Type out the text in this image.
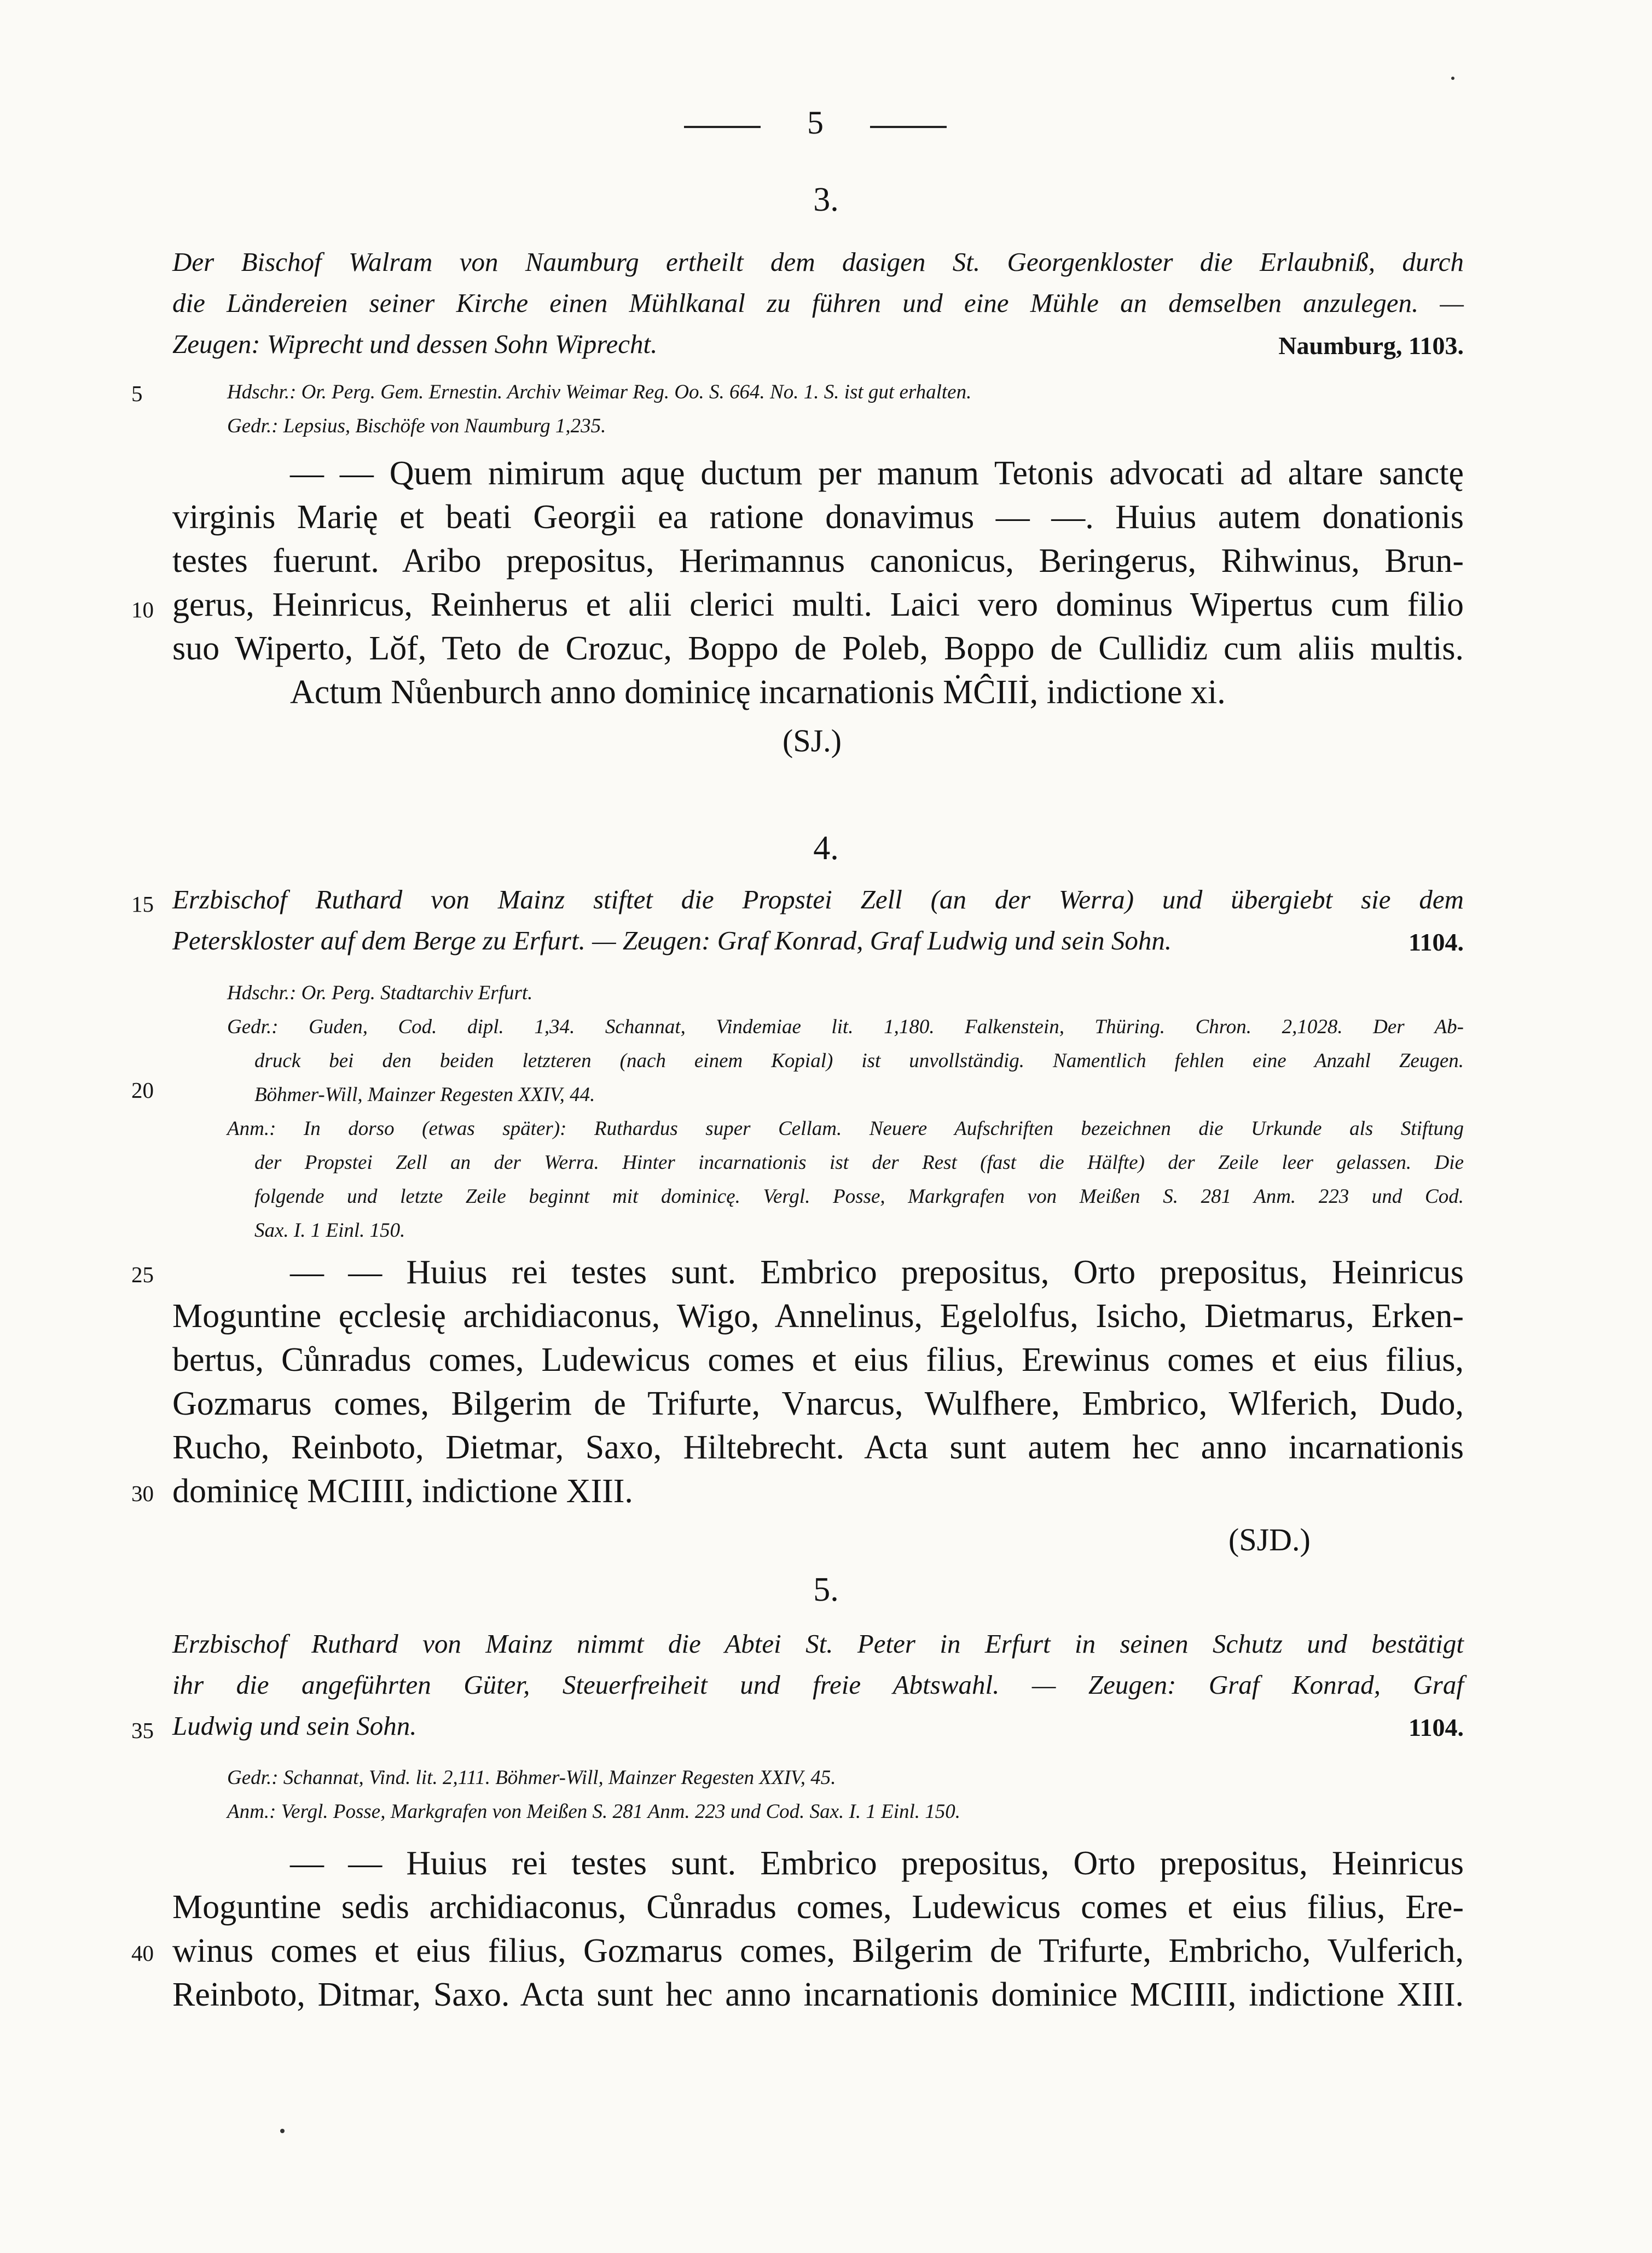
5
3.
Der Bischof Walram von Naumburg ertheilt dem dasigen St. Georgenkloster die Erlaubniß, durch
die Ländereien seiner Kirche einen Mühlkanal zu führen und eine Mühle an demselben anzulegen. —
Zeugen: Wiprecht und dessen Sohn Wiprecht.	Naumburg, 1103.
5	Hdschr.: Or. Perg. Gem. Ernestin. Archiv Weimar Reg. Oo. S. 664. No. 1. S. ist gut erhalten.
Gedr.: Lepsius, Bischöfe von Naumburg 1,235.
— — Quem nimirum aquę ductum per manum Tetonis advocati ad altare sanctę
virginis Marię et beati Georgii ea ratione donavimus — —. Huius autem donationis
testes fuerunt. Aribo prepositus, Herimannus canonicus, Beringerus, Rihwinus, Brun-
10 gerus, Heinricus, Reinherus et alii clerici multi. Laici vero dominus Wipertus cum filio
suo Wiperto, Lŏf, Teto de Crozuc, Boppo de Poleb, Boppo de Cullidiz cum aliis multis.
Actum Nůenburch anno dominicę incarnationis ṀĈIIİ, indictione xi.
(SJ.)
4.
15 Erzbischof Ruthard von Mainz stiftet die Propstei Zell (an der Werra) und übergiebt sie dem
Peterskloster auf dem Berge zu Erfurt. — Zeugen: Graf Konrad, Graf Ludwig und sein Sohn.	1104.
Hdschr.: Or. Perg. Stadtarchiv Erfurt.
Gedr.: Guden, Cod. dipl. 1,34. Schannat, Vindemiae lit. 1,180. Falkenstein, Thüring. Chron. 2,1028. Der Ab-
druck bei den beiden letzteren (nach einem Kopial) ist unvollständig. Namentlich fehlen eine Anzahl Zeugen.
20	Böhmer-Will, Mainzer Regesten XXIV, 44.
Anm.: In dorso (etwas später): Ruthardus super Cellam. Neuere Aufschriften bezeichnen die Urkunde als Stiftung
der Propstei Zell an der Werra. Hinter incarnationis ist der Rest (fast die Hälfte) der Zeile leer gelassen. Die
folgende und letzte Zeile beginnt mit dominicę. Vergl. Posse, Markgrafen von Meißen S. 281 Anm. 223 und Cod.
Sax. I. 1 Einl. 150.
25	— — Huius rei testes sunt. Embrico prepositus, Orto prepositus, Heinricus
Moguntine ęcclesię archidiaconus, Wigo, Annelinus, Egelolfus, Isicho, Dietmarus, Erken-
bertus, Cůnradus comes, Ludewicus comes et eius filius, Erewinus comes et eius filius,
Gozmarus comes, Bilgerim de Trifurte, Vnarcus, Wulfhere, Embrico, Wlferich, Dudo,
Rucho, Reinboto, Dietmar, Saxo, Hiltebrecht. Acta sunt autem hec anno incarnationis
30 dominicę MCIIII, indictione XIII.
(SJD.)
5.
Erzbischof Ruthard von Mainz nimmt die Abtei St. Peter in Erfurt in seinen Schutz und bestätigt
ihr die angeführten Güter, Steuerfreiheit und freie Abtswahl. — Zeugen: Graf Konrad, Graf
35 Ludwig und sein Sohn.	1104.
Gedr.: Schannat, Vind. lit. 2,111. Böhmer-Will, Mainzer Regesten XXIV, 45.
Anm.: Vergl. Posse, Markgrafen von Meißen S. 281 Anm. 223 und Cod. Sax. I. 1 Einl. 150.
— — Huius rei testes sunt. Embrico prepositus, Orto prepositus, Heinricus
Moguntine sedis archidiaconus, Cůnradus comes, Ludewicus comes et eius filius, Ere-
40 winus comes et eius filius, Gozmarus comes, Bilgerim de Trifurte, Embricho, Vulferich,
Reinboto, Ditmar, Saxo. Acta sunt hec anno incarnationis dominice MCIIII, indictione XIII.
